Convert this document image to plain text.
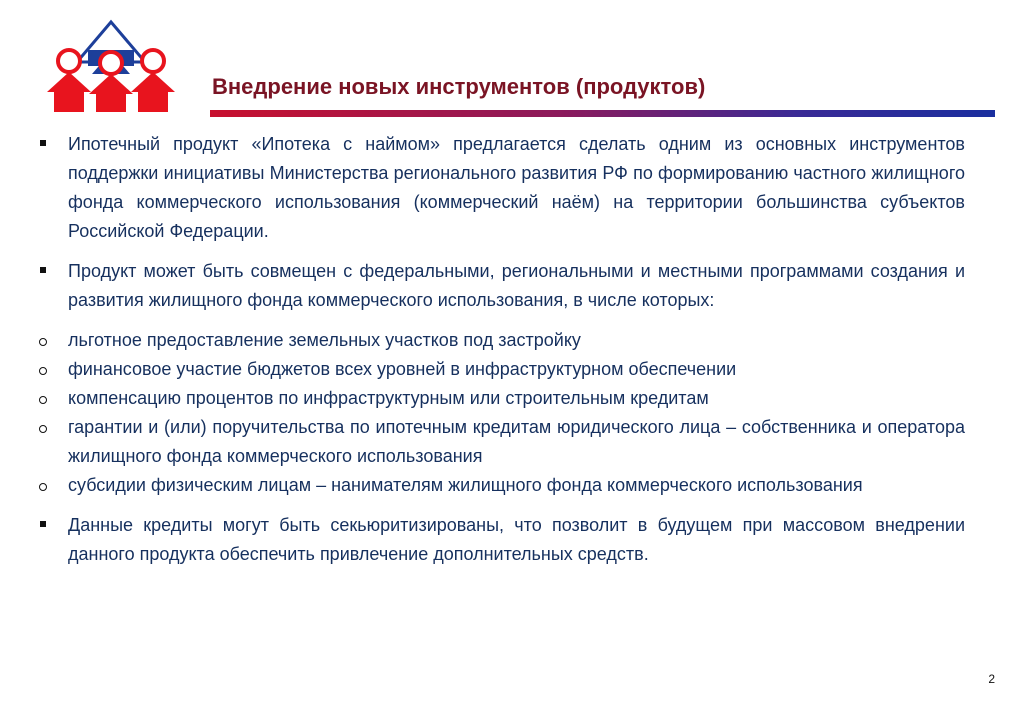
Внедрение новых инструментов (продуктов)
Ипотечный продукт «Ипотека с наймом» предлагается сделать одним из основных инструментов поддержки инициативы Министерства регионального развития РФ по формированию частного жилищного фонда коммерческого использования (коммерческий наём) на территории большинства субъектов Российской Федерации.
Продукт может быть совмещен с федеральными, региональными и местными программами создания и развития жилищного фонда коммерческого использования, в числе которых:
льготное предоставление земельных участков под застройку
финансовое участие бюджетов всех уровней в инфраструктурном обеспечении
компенсацию процентов по инфраструктурным или строительным кредитам
гарантии и (или) поручительства по ипотечным кредитам юридического лица – собственника и оператора жилищного фонда коммерческого использования
субсидии физическим лицам – нанимателям жилищного фонда коммерческого использования
Данные кредиты могут быть секьюритизированы, что позволит в будущем при массовом внедрении данного продукта обеспечить привлечение дополнительных средств.
2
